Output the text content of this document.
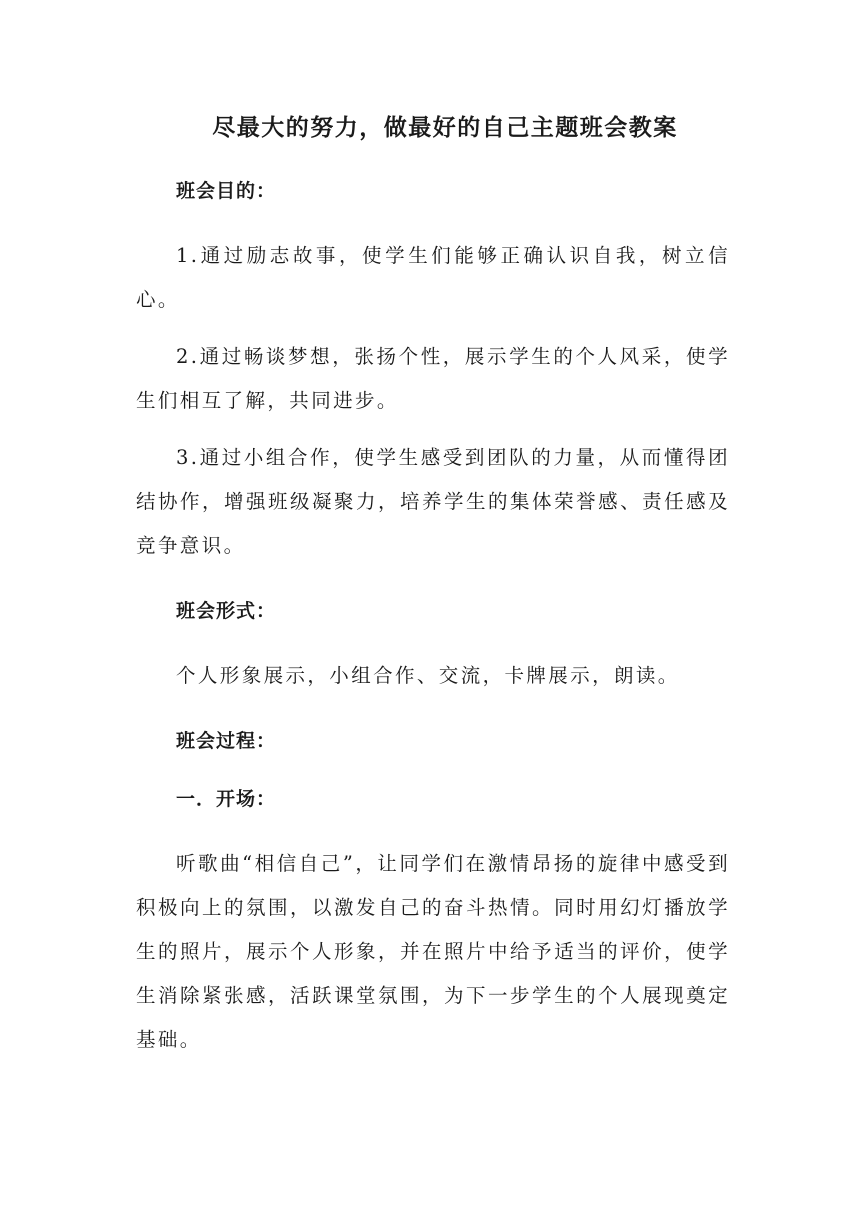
尽最大的努力，做最好的自己主题班会教案

班会目的：

1.通过励志故事，使学生们能够正确认识自我，树立信心。

2.通过畅谈梦想，张扬个性，展示学生的个人风采，使学生们相互了解，共同进步。

3.通过小组合作，使学生感受到团队的力量，从而懂得团结协作，增强班级凝聚力，培养学生的集体荣誉感、责任感及竞争意识。

班会形式：

个人形象展示，小组合作、交流，卡牌展示，朗读。

班会过程：

一．开场：

听歌曲“相信自己”，让同学们在激情昂扬的旋律中感受到积极向上的氛围，以激发自己的奋斗热情。同时用幻灯播放学生的照片，展示个人形象，并在照片中给予适当的评价，使学生消除紧张感，活跃课堂氛围，为下一步学生的个人展现奠定基础。
